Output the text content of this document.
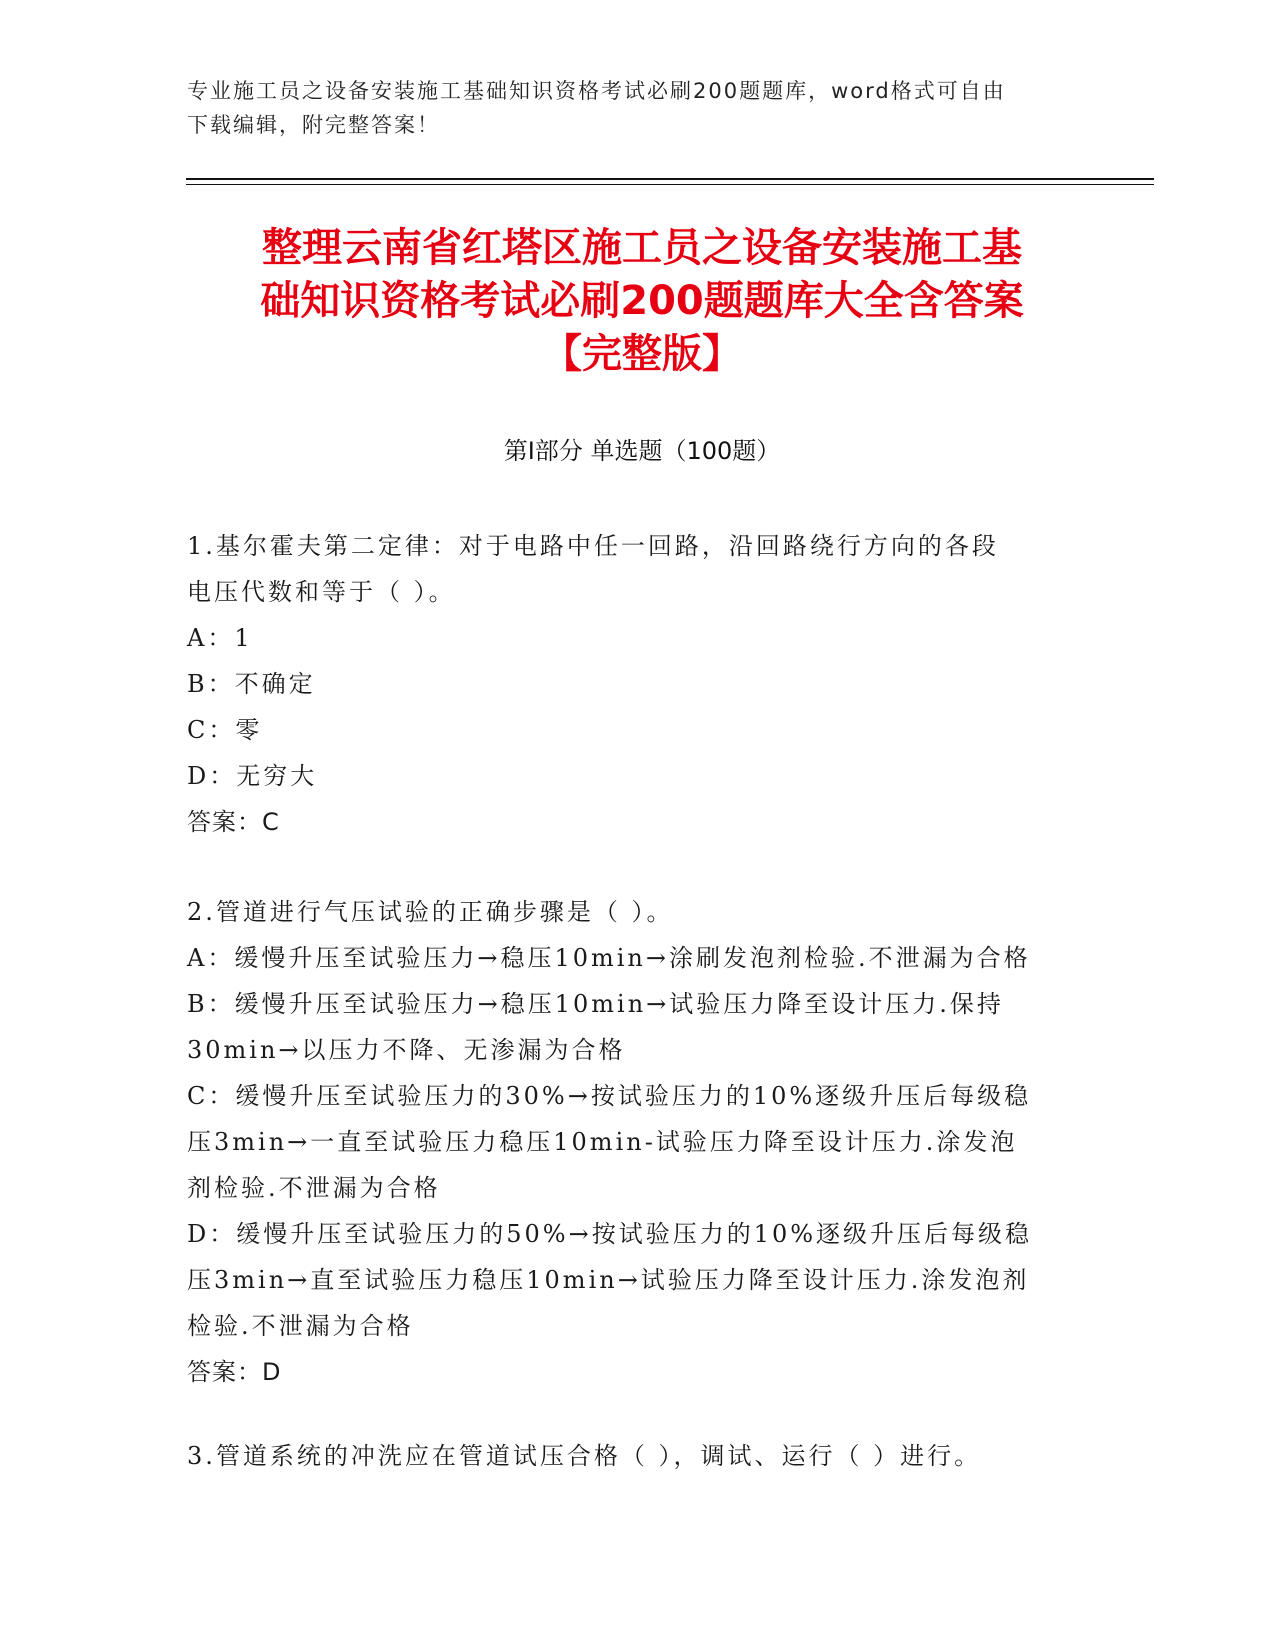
专业施工员之设备安装施工基础知识资格考试必刷200题题库，word格式可自由
下载编辑，附完整答案！
整理云南省红塔区施工员之设备安装施工基
础知识资格考试必刷200题题库大全含答案
【完整版】
第Ⅰ部分 单选题（100题）
1.基尔霍夫第二定律：对于电路中任一回路，沿回路绕行方向的各段
电压代数和等于（ ）。
A：1
B：不确定
C：零
D：无穷大
答案：C
2.管道进行气压试验的正确步骤是（ ）。
A：缓慢升压至试验压力→稳压10min→涂刷发泡剂检验.不泄漏为合格
B：缓慢升压至试验压力→稳压10min→试验压力降至设计压力.保持
30min→以压力不降、无渗漏为合格
C：缓慢升压至试验压力的30%→按试验压力的10%逐级升压后每级稳
压3min→一直至试验压力稳压10min-试验压力降至设计压力.涂发泡
剂检验.不泄漏为合格
D：缓慢升压至试验压力的50%→按试验压力的10%逐级升压后每级稳
压3min→直至试验压力稳压10min→试验压力降至设计压力.涂发泡剂
检验.不泄漏为合格
答案：D
3.管道系统的冲洗应在管道试压合格（ ），调试、运行（ ）进行。
